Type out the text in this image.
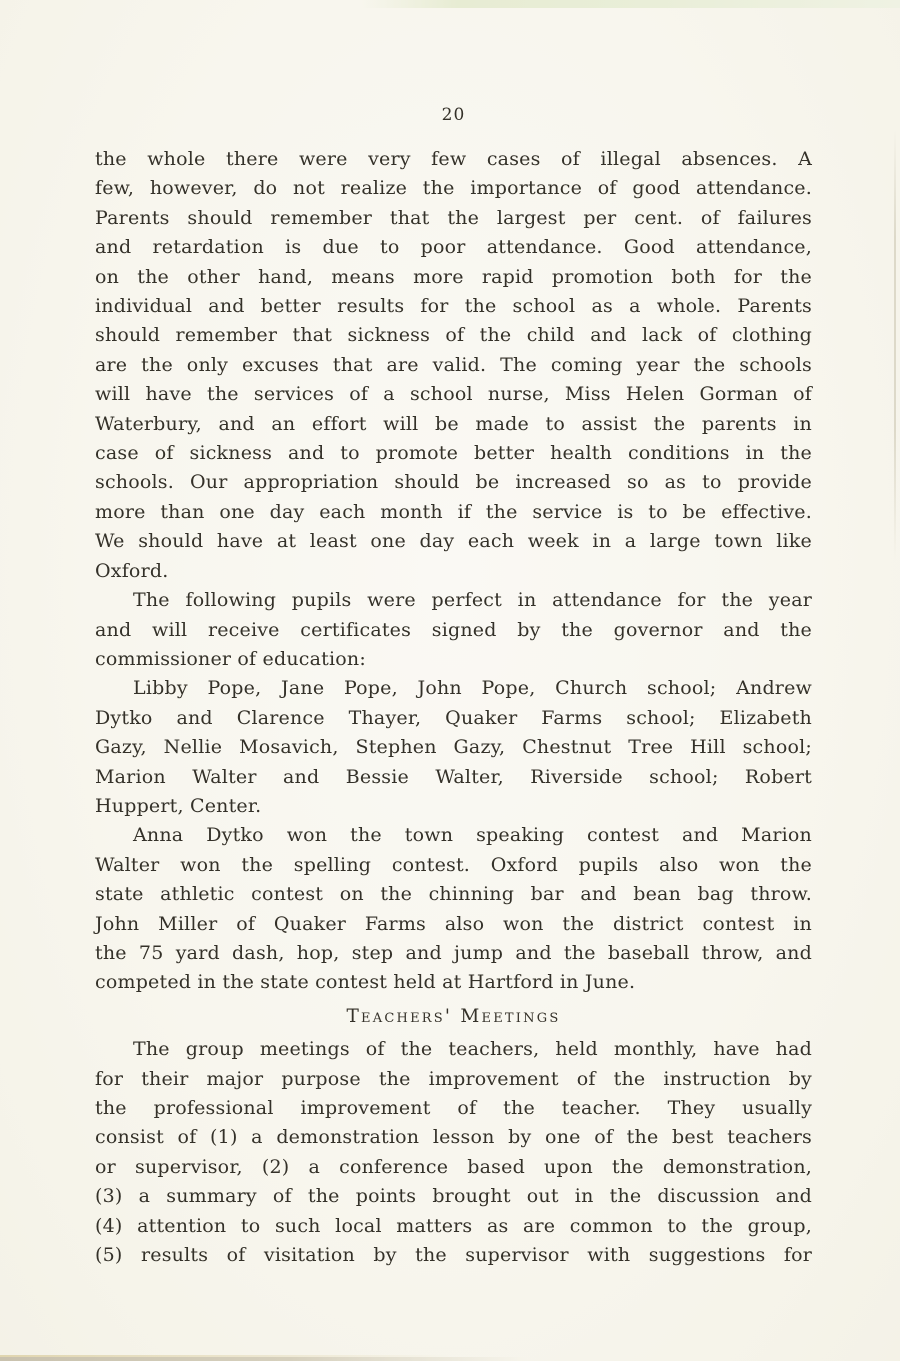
20
the whole there were very few cases of illegal absences. A
few, however, do not realize the importance of good attendance.
Parents should remember that the largest per cent. of failures
and retardation is due to poor attendance. Good attendance,
on the other hand, means more rapid promotion both for the
individual and better results for the school as a whole. Parents
should remember that sickness of the child and lack of clothing
are the only excuses that are valid. The coming year the schools
will have the services of a school nurse, Miss Helen Gorman of
Waterbury, and an effort will be made to assist the parents in
case of sickness and to promote better health conditions in the
schools. Our appropriation should be increased so as to provide
more than one day each month if the service is to be effective.
We should have at least one day each week in a large town like
Oxford.
The following pupils were perfect in attendance for the year
and will receive certificates signed by the governor and the
commissioner of education:
Libby Pope, Jane Pope, John Pope, Church school; Andrew
Dytko and Clarence Thayer, Quaker Farms school; Elizabeth
Gazy, Nellie Mosavich, Stephen Gazy, Chestnut Tree Hill school;
Marion Walter and Bessie Walter, Riverside school; Robert
Huppert, Center.
Anna Dytko won the town speaking contest and Marion
Walter won the spelling contest. Oxford pupils also won the
state athletic contest on the chinning bar and bean bag throw.
John Miller of Quaker Farms also won the district contest in
the 75 yard dash, hop, step and jump and the baseball throw, and
competed in the state contest held at Hartford in June.
Teachers' Meetings
The group meetings of the teachers, held monthly, have had
for their major purpose the improvement of the instruction by
the professional improvement of the teacher. They usually
consist of (1) a demonstration lesson by one of the best teachers
or supervisor, (2) a conference based upon the demonstration,
(3) a summary of the points brought out in the discussion and
(4) attention to such local matters as are common to the group,
(5) results of visitation by the supervisor with suggestions for
